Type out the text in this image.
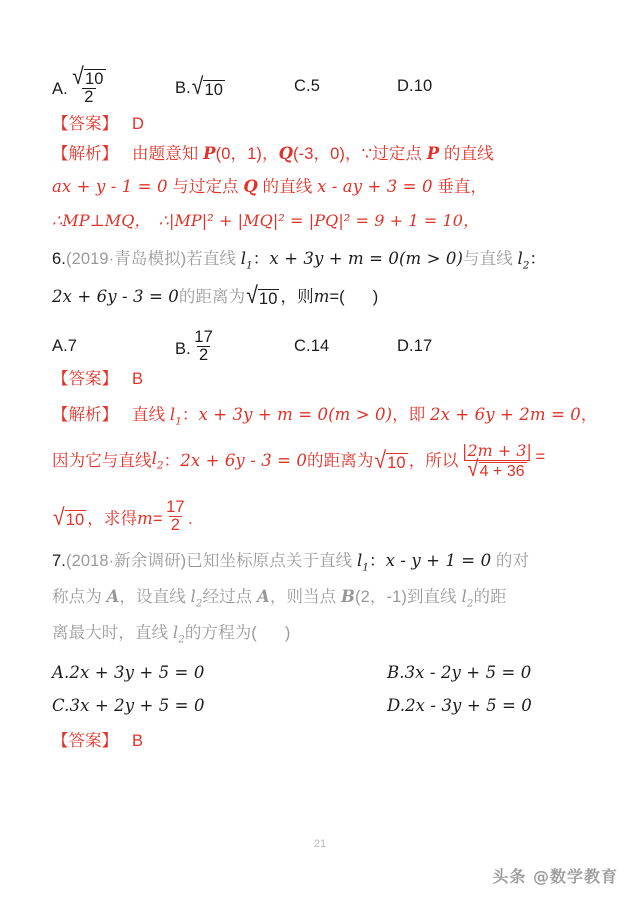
A. $\frac{√ 10}{2}$	B. √ 10	C.5	D.10
【答案】 D
【解析】 由题意知 P(0，1)，Q(-3，0)，∵过定点 P 的直线
ax + y - 1 = 0 与过定点 Q 的直线 x - ay + 3 = 0 垂直，
∴MP⊥MQ，　∴|MP|² + |MQ|² = |PQ|² = 9 + 1 = 10，
6.(2019·青岛模拟)若直线 $l_1$：x + 3y + m = 0(m > 0)与直线 $l_2$：
2x + 6y - 3 = 0 的距离为 √ 10 ，则 m =( )
A.7	B. $\frac{17}{2}$	C.14	D.17
【答案】 B
【解析】 直线 $l_1$：x + 3y + m = 0(m > 0)，即 2x + 6y + 2m = 0，
因为它与直线 $l_2$ ： 2x + 6y - 3 = 0 的距离为 √ 10 ，所以 $\frac{|2m + 3|}{√ 4 + 36}$ =
√ 10 ，求得 $m = \frac{17}{2}$ .
7.(2018·新余调研)已知坐标原点关于直线 $l_1$：x - y + 1 = 0 的对
称点为 A，设直线 $l_2$经过点 A，则当点 B(2，-1)到直线 $l_2$的距
离最大时，直线 $l_2$的方程为( )
A.2x + 3y + 5 = 0	B.3x - 2y + 5 = 0
C.3x + 2y + 5 = 0	D.2x - 3y + 5 = 0
【答案】 B
21
头条 @数学教育
